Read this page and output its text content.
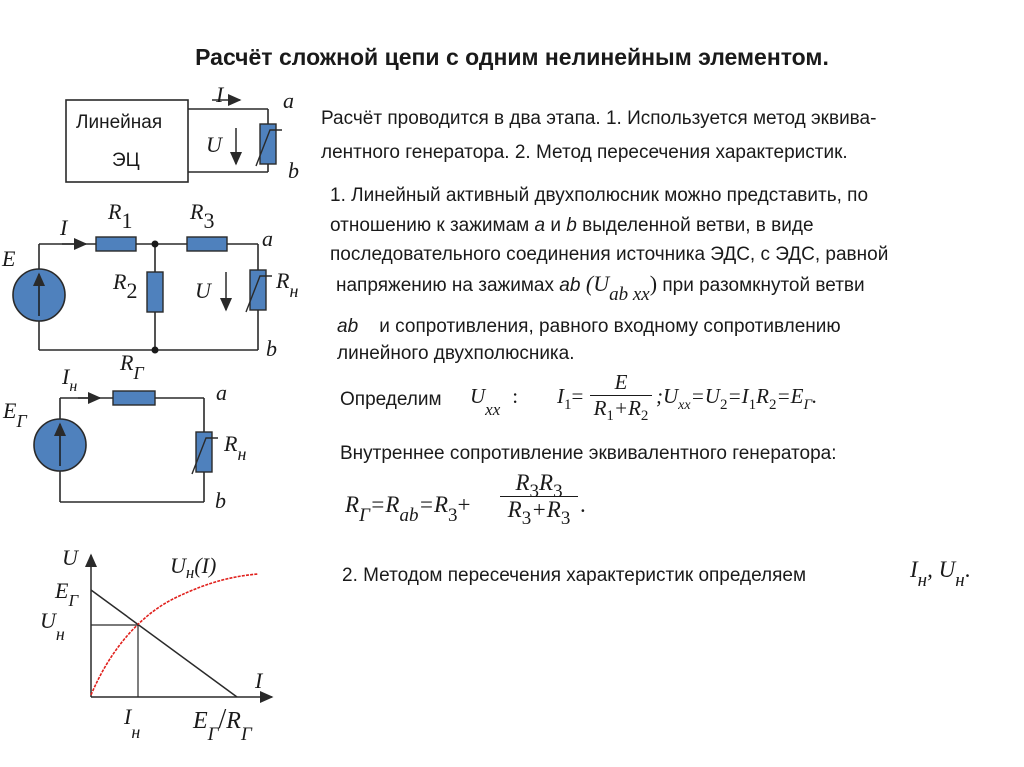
Расчёт сложной цепи с одним нелинейным элементом.
Расчёт проводится в два этапа. 1. Используется метод эквива-
лентного генератора. 2. Метод пересечения характеристик.
1. Линейный активный двухполюсник можно представить, по
отношению к зажимам a и b выделенной ветви, в виде
последовательного соединения источника ЭДС, с ЭДС, равной
напряжению на зажимах ab (Uab xx) при разомкнутой ветви
ab и сопротивления, равного входному сопротивлению
линейного двухполюсника.
Определим $U_{xx}$: $I_1=$
E
$R_1+R_2$
$;U_{xx}=U_2=I_1R_2=E_Г$.
Внутреннее сопротивление эквивалентного генератора:
$R_Г=R_{ab}=R_3+$
$R_3R_3$
$R_3+R_3$
.
2. Методом пересечения характеристик определяем	$I_н$, $U_н$.
Линейная
ЭЦ
I
U
a
b
I
E
R1	R3
R2	U	$R_н$
a
b
$I_н$
$R_Г$
$E_Г$
$R_н$
a
b
U
I
$U_н(I)$
$E_Г$
$U_н$
$I_н$ $E_Г/R_Г$
